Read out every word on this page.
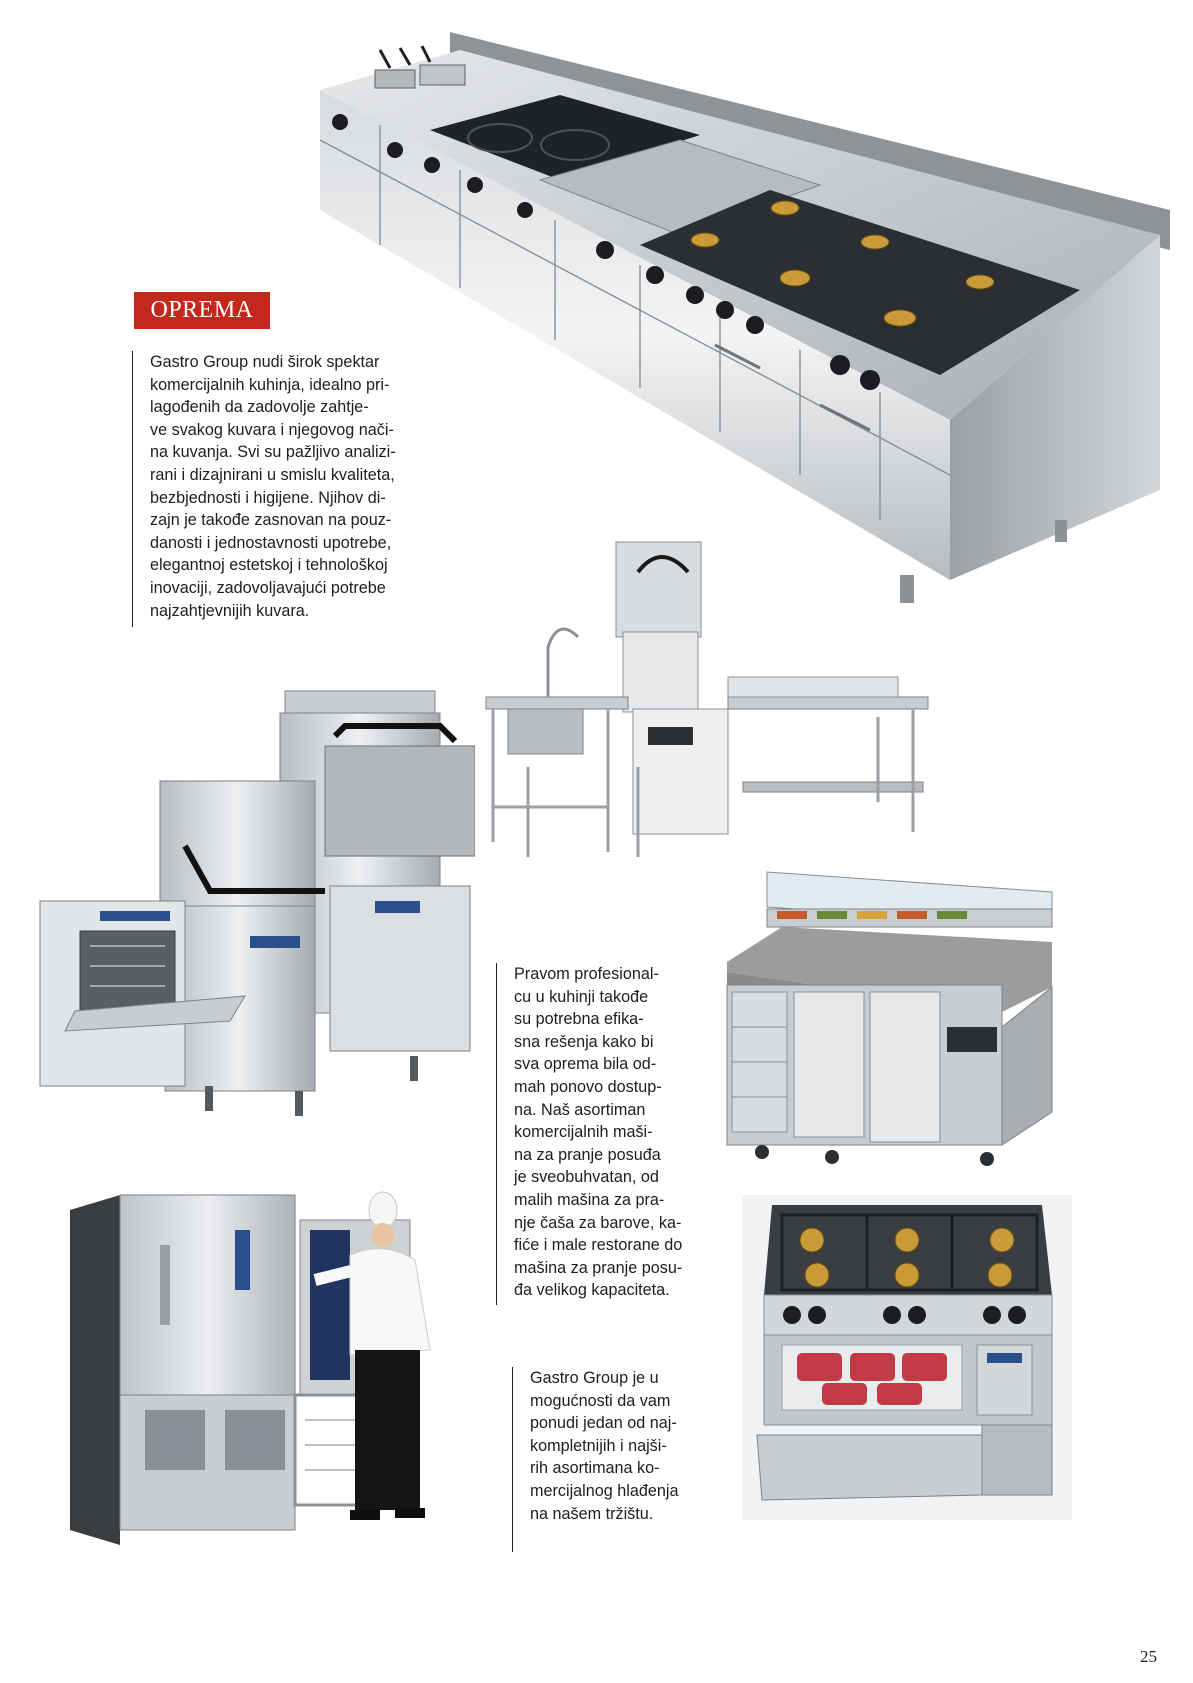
OPREMA
Gastro Group nudi širok spektar
komercijalnih kuhinja, idealno pri-
lagođenih da zadovolje zahtje-
ve svakog kuvara i njegovog nači-
na kuvanja. Svi su pažljivo analizi-
rani i dizajnirani u smislu kvaliteta,
bezbjednosti i higijene. Njihov di-
zajn je takođe zasnovan na pouz-
danosti i jednostavnosti upotrebe,
elegantnoj estetskoj i tehnološkoj
inovaciji, zadovoljavajući potrebe
najzahtjevnijih kuvara.
Pravom profesional-
cu u kuhinji takođe
su potrebna efika-
sna rešenja kako bi
sva oprema bila od-
mah ponovo dostup-
na. Naš asortiman
komercijalnih maši-
na za pranje posuđa
je sveobuhvatan, od
malih mašina za pra-
nje čaša za barove, ka-
fiće i male restorane do
mašina za pranje posu-
đa velikog kapaciteta.
Gastro Group je u
mogućnosti da vam
ponudi jedan od naj-
kompletnijih i najši-
rih asortimana ko-
mercijalnog hlađenja
na našem tržištu.
25
